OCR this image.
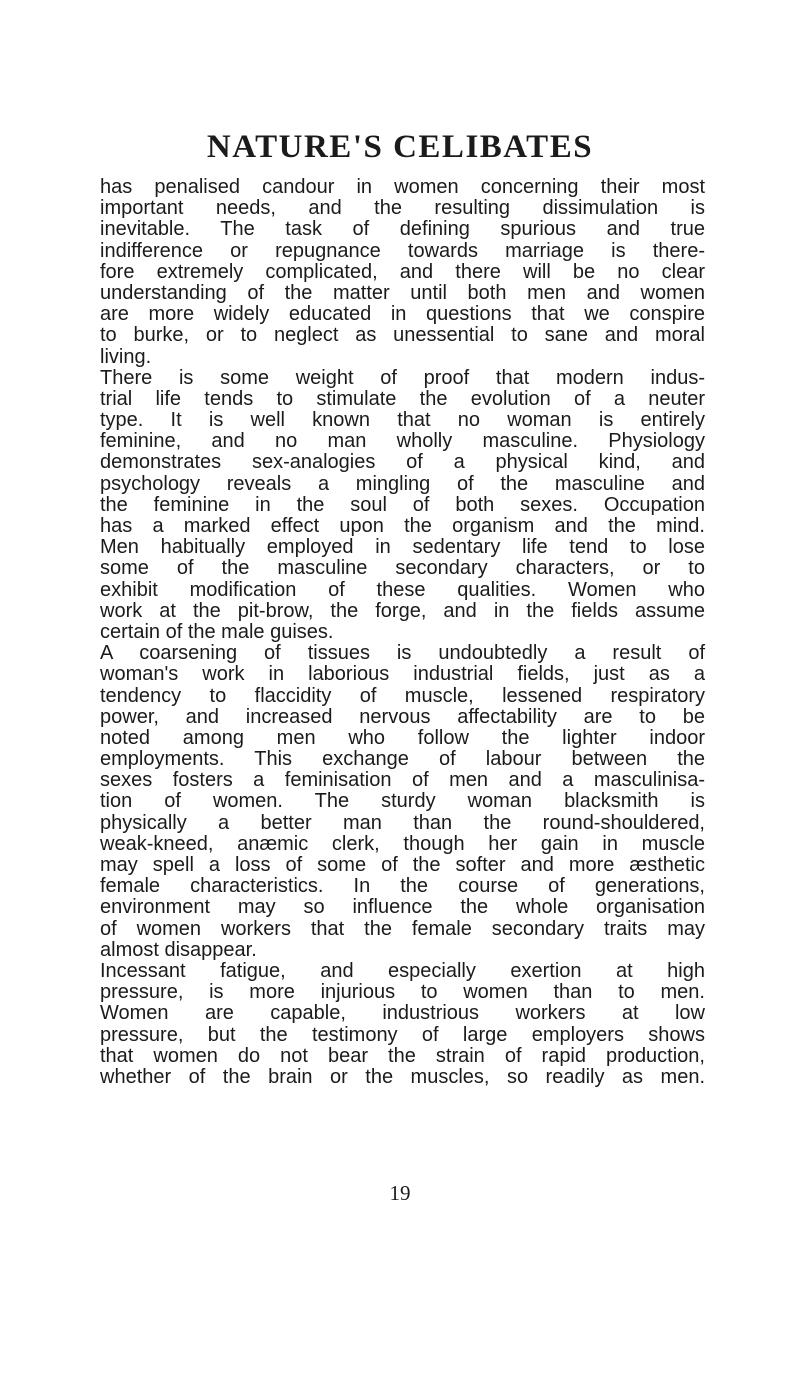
NATURE'S CELIBATES
has penalised candour in women concerning their most
important needs, and the resulting dissimulation is
inevitable. The task of defining spurious and true
indifference or repugnance towards marriage is there-
fore extremely complicated, and there will be no clear
understanding of the matter until both men and women
are more widely educated in questions that we conspire
to burke, or to neglect as unessential to sane and moral
living.
There is some weight of proof that modern indus-
trial life tends to stimulate the evolution of a neuter
type. It is well known that no woman is entirely
feminine, and no man wholly masculine. Physiology
demonstrates sex-analogies of a physical kind, and
psychology reveals a mingling of the masculine and
the feminine in the soul of both sexes. Occupation
has a marked effect upon the organism and the mind.
Men habitually employed in sedentary life tend to lose
some of the masculine secondary characters, or to
exhibit modification of these qualities. Women who
work at the pit-brow, the forge, and in the fields assume
certain of the male guises.
A coarsening of tissues is undoubtedly a result of
woman's work in laborious industrial fields, just as a
tendency to flaccidity of muscle, lessened respiratory
power, and increased nervous affectability are to be
noted among men who follow the lighter indoor
employments. This exchange of labour between the
sexes fosters a feminisation of men and a masculinisa-
tion of women. The sturdy woman blacksmith is
physically a better man than the round-shouldered,
weak-kneed, anæmic clerk, though her gain in muscle
may spell a loss of some of the softer and more æsthetic
female characteristics. In the course of generations,
environment may so influence the whole organisation
of women workers that the female secondary traits may
almost disappear.
Incessant fatigue, and especially exertion at high
pressure, is more injurious to women than to men.
Women are capable, industrious workers at low
pressure, but the testimony of large employers shows
that women do not bear the strain of rapid production,
whether of the brain or the muscles, so readily as men.
19
